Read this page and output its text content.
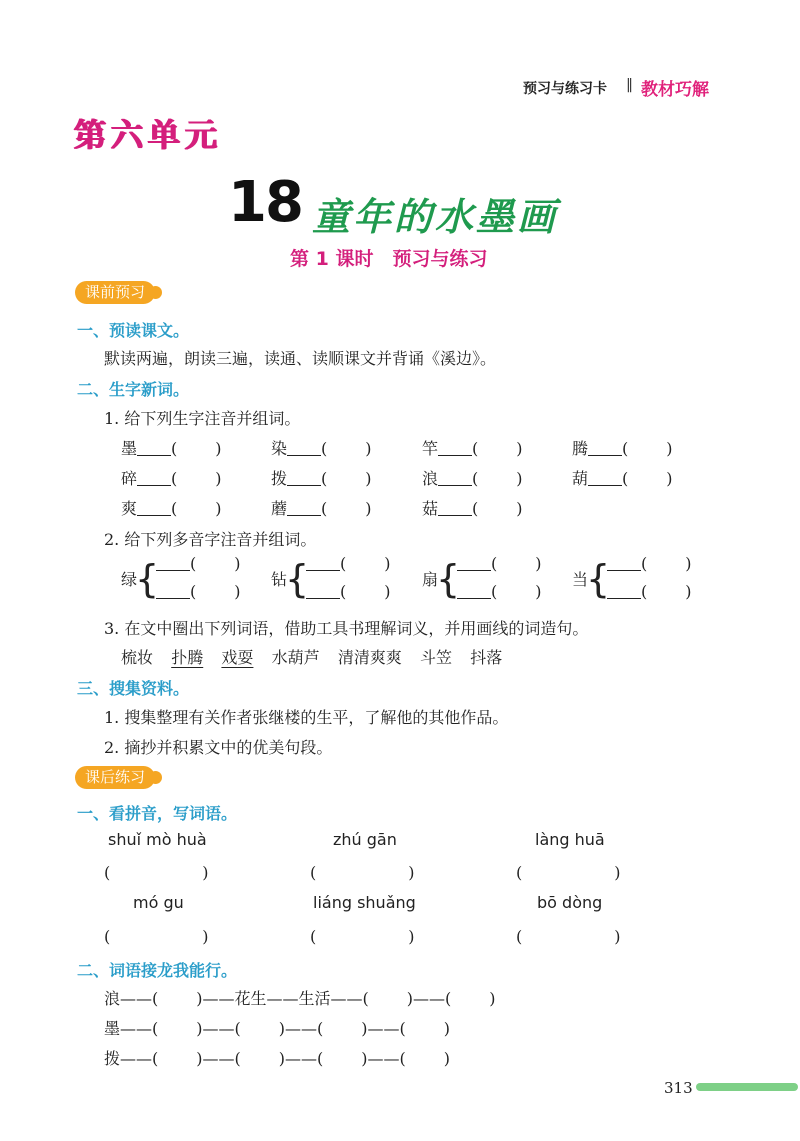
预习与练习卡 ‖ 教材巧解
第六单元
18 童年的水墨画
第 1 课时　预习与练习
课前预习
一、预读课文。
默读两遍，朗读三遍，读通、读顺课文并背诵《溪边》。
二、生字新词。
1. 给下列生字注音并组词。
墨 ( )	染 ( )	竿 ( )	腾 ( )
碎 ( )	拨 ( )	浪 ( )	葫 ( )
爽 ( )	蘑 ( )	菇 ( )
2. 给下列多音字注音并组词。
绿
{	( )
( )
钻
{	( )
( )
扇
{	( )
( )
当
{	( )
( )
3. 在文中圈出下列词语，借助工具书理解词义，并用画线的词造句。
梳妆 扑腾 戏耍 水葫芦 清清爽爽 斗笠 抖落
三、搜集资料。
1. 搜集整理有关作者张继楼的生平，了解他的其他作品。
2. 摘抄并积累文中的优美句段。
课后练习
一、看拼音，写词语。
shuǐ mò huà	zhú gān	làng huā
(	)	(	)	(	)
mó gu	liáng shuǎng	bō dòng
(	)	(	)	(	)
二、词语接龙我能行。
浪——( )——花生——生活——( )——( )
墨——( )——( )——( )——( )
拨——( )——( )——( )——( )
313
